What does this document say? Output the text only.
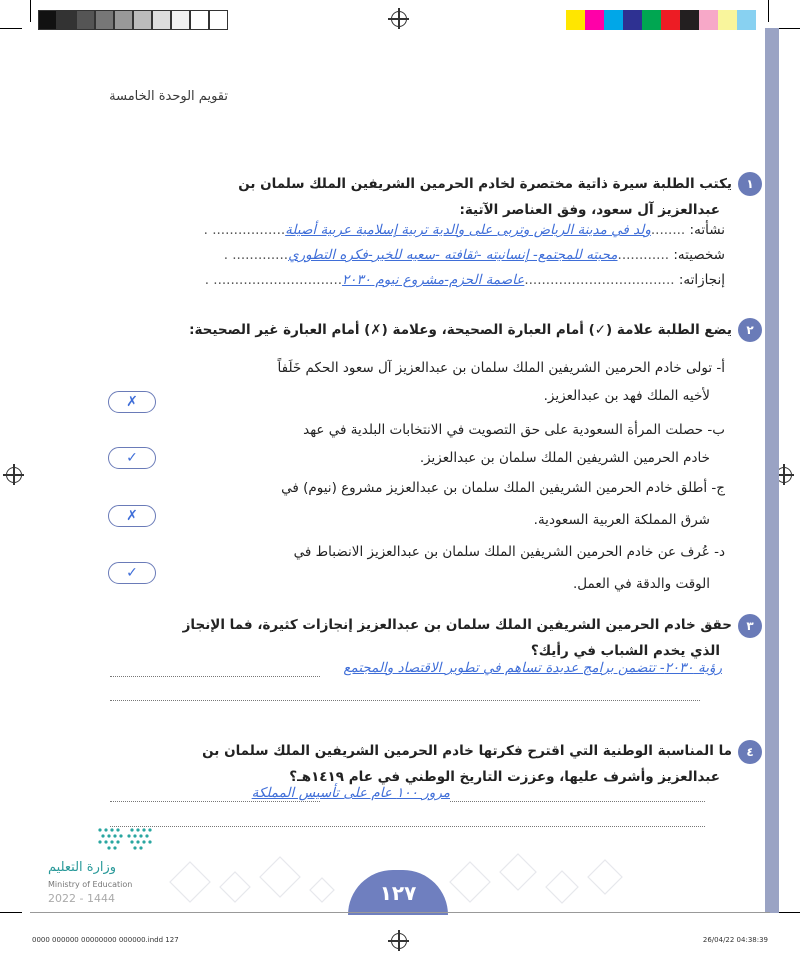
تقويم الوحدة الخامسة
١
يكتب الطلبة سيرة ذاتية مختصرة لخادم الحرمين الشريفين الملك سلمان بن
عبدالعزيز آل سعود، وفق العناصر الآتية:
نشأته: ........ولد في مدينة الرياض وتربى على والدية تربية إسلامية عربية أصيلة................. .
شخصيته: ............محبته للمجتمع- إنسانيته -ثقافته -سعيه للخير-فكره التطوري............. .
إنجازاته: ...................................عاصمة الحزم-مشروع نيوم ٢٠٣٠.............................. .
٢
يضع الطلبة علامة (✓) أمام العبارة الصحيحة، وعلامة (✗) أمام العبارة غير الصحيحة:
أ- تولى خادم الحرمين الشريفين الملك سلمان بن عبدالعزيز آل سعود الحكم خَلَفاً
لأخيه الملك فهد بن عبدالعزيز.
✗
ب- حصلت المرأة السعودية على حق التصويت في الانتخابات البلدية في عهد
خادم الحرمين الشريفين الملك سلمان بن عبدالعزيز.
✓
ج- أطلق خادم الحرمين الشريفين الملك سلمان بن عبدالعزيز مشروع (نيوم) في
شرق المملكة العربية السعودية.
✗
د- عُرف عن خادم الحرمين الشريفين الملك سلمان بن عبدالعزيز الانضباط في
الوقت والدقة في العمل.
✓
٣
حقق خادم الحرمين الشريفين الملك سلمان بن عبدالعزيز إنجازات كثيرة، فما الإنجاز
الذي يخدم الشباب في رأيك؟
رؤية ٢٠٣٠- تتضمن برامج عديدة تساهم في تطوير الاقتصاد والمجتمع
٤
ما المناسبة الوطنية التي اقترح فكرتها خادم الحرمين الشريفين الملك سلمان بن
عبدالعزيز وأشرف عليها، وعززت التاريخ الوطني في عام ١٤١٩هـ؟
مرور ١٠٠ عام على تأسيس المملكة
وزارة التعليم
Ministry of Education
2022 - 1444	١٢٧
0000 000000 00000000 000000.indd 127	26/04/22 04:38:39
